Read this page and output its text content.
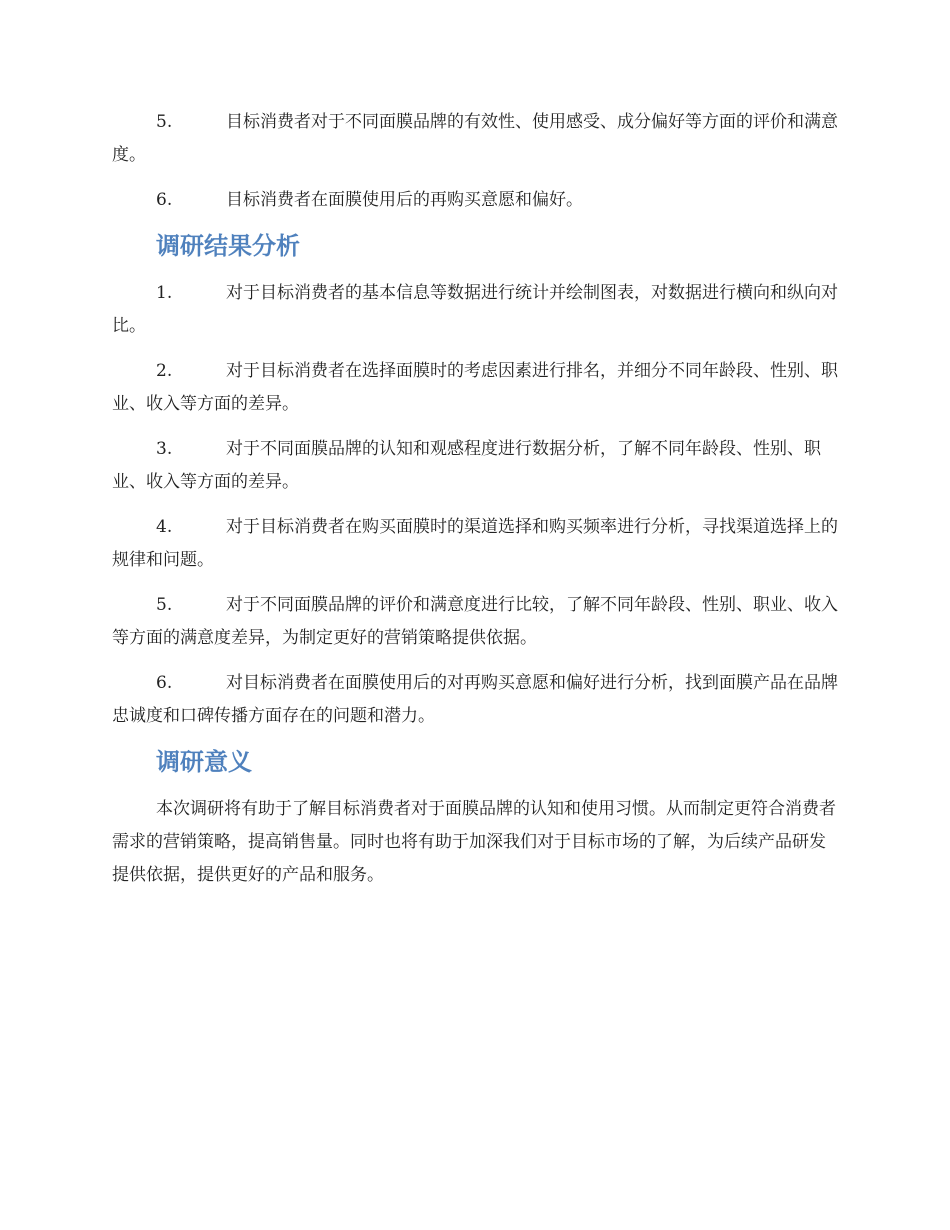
5.	目标消费者对于不同面膜品牌的有效性、使用感受、成分偏好等方面的评价和满意度。
6.	目标消费者在面膜使用后的再购买意愿和偏好。
调研结果分析
1.	对于目标消费者的基本信息等数据进行统计并绘制图表，对数据进行横向和纵向对比。
2.	对于目标消费者在选择面膜时的考虑因素进行排名，并细分不同年龄段、性别、职业、收入等方面的差异。
3.	对于不同面膜品牌的认知和观感程度进行数据分析，了解不同年龄段、性别、职业、收入等方面的差异。
4.	对于目标消费者在购买面膜时的渠道选择和购买频率进行分析，寻找渠道选择上的规律和问题。
5.	对于不同面膜品牌的评价和满意度进行比较，了解不同年龄段、性别、职业、收入等方面的满意度差异，为制定更好的营销策略提供依据。
6.	对目标消费者在面膜使用后的对再购买意愿和偏好进行分析，找到面膜产品在品牌忠诚度和口碑传播方面存在的问题和潜力。
调研意义

本次调研将有助于了解目标消费者对于面膜品牌的认知和使用习惯。从而制定更符合消费者需求的营销策略，提高销售量。同时也将有助于加深我们对于目标市场的了解，为后续产品研发提供依据，提供更好的产品和服务。
